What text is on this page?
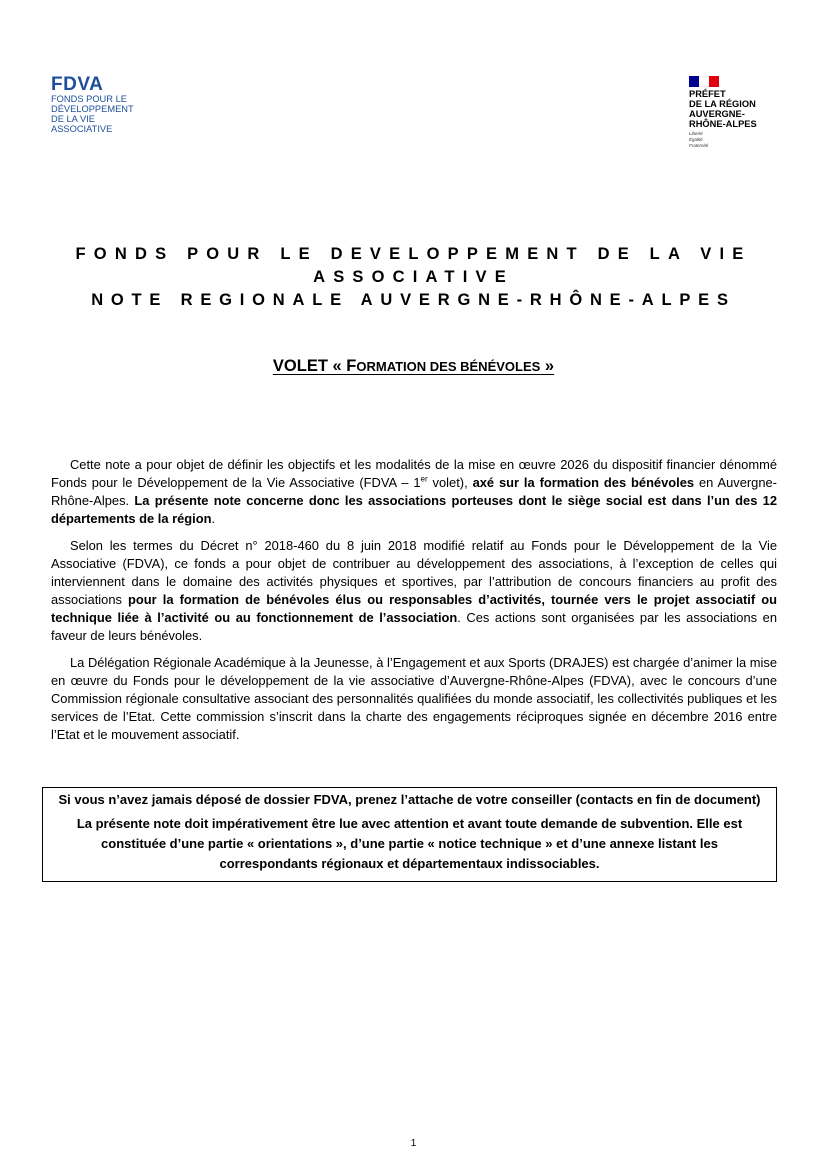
FDVA
FONDS POUR LE
DÉVELOPPEMENT
DE LA VIE
ASSOCIATIVE
PRÉFET
DE LA RÉGION
AUVERGNE-
RHÔNE-ALPES
Liberté
Égalité
Fraternité

FONDS POUR LE DEVELOPPEMENT DE LA VIE

ASSOCIATIVE

NOTE REGIONALE AUVERGNE-RHÔNE-ALPES

VOLET « FORMATION DES BÉNÉVOLES »

Cette note a pour objet de définir les objectifs et les modalités de la mise en œuvre 2026 du dispositif financier dénommé Fonds pour le Développement de la Vie Associative (FDVA – 1er volet), axé sur la formation des bénévoles en Auvergne-Rhône-Alpes. La présente note concerne donc les associations porteuses dont le siège social est dans l’un des 12 départements de la région.

Selon les termes du Décret n° 2018-460 du 8 juin 2018 modifié relatif au Fonds pour le Développement de la Vie Associative (FDVA), ce fonds a pour objet de contribuer au développement des associations, à l’exception de celles qui interviennent dans le domaine des activités physiques et sportives, par l’attribution de concours financiers au profit des associations pour la formation de bénévoles élus ou responsables d’activités, tournée vers le projet associatif ou technique liée à l’activité ou au fonctionnement de l’association. Ces actions sont organisées par les associations en faveur de leurs bénévoles.

La Délégation Régionale Académique à la Jeunesse, à l’Engagement et aux Sports (DRAJES) est chargée d’animer la mise en œuvre du Fonds pour le développement de la vie associative d’Auvergne-Rhône-Alpes (FDVA), avec le concours d’une Commission régionale consultative associant des personnalités qualifiées du monde associatif, les collectivités publiques et les services de l’Etat. Cette commission s’inscrit dans la charte des engagements réciproques signée en décembre 2016 entre l’Etat et le mouvement associatif.

Si vous n’avez jamais déposé de dossier FDVA, prenez l’attache de votre conseiller (contacts en fin de document)

La présente note doit impérativement être lue avec attention et avant toute demande de subvention. Elle est constituée d’une partie « orientations », d’une partie « notice technique » et d’une annexe listant les correspondants régionaux et départementaux indissociables.

1
